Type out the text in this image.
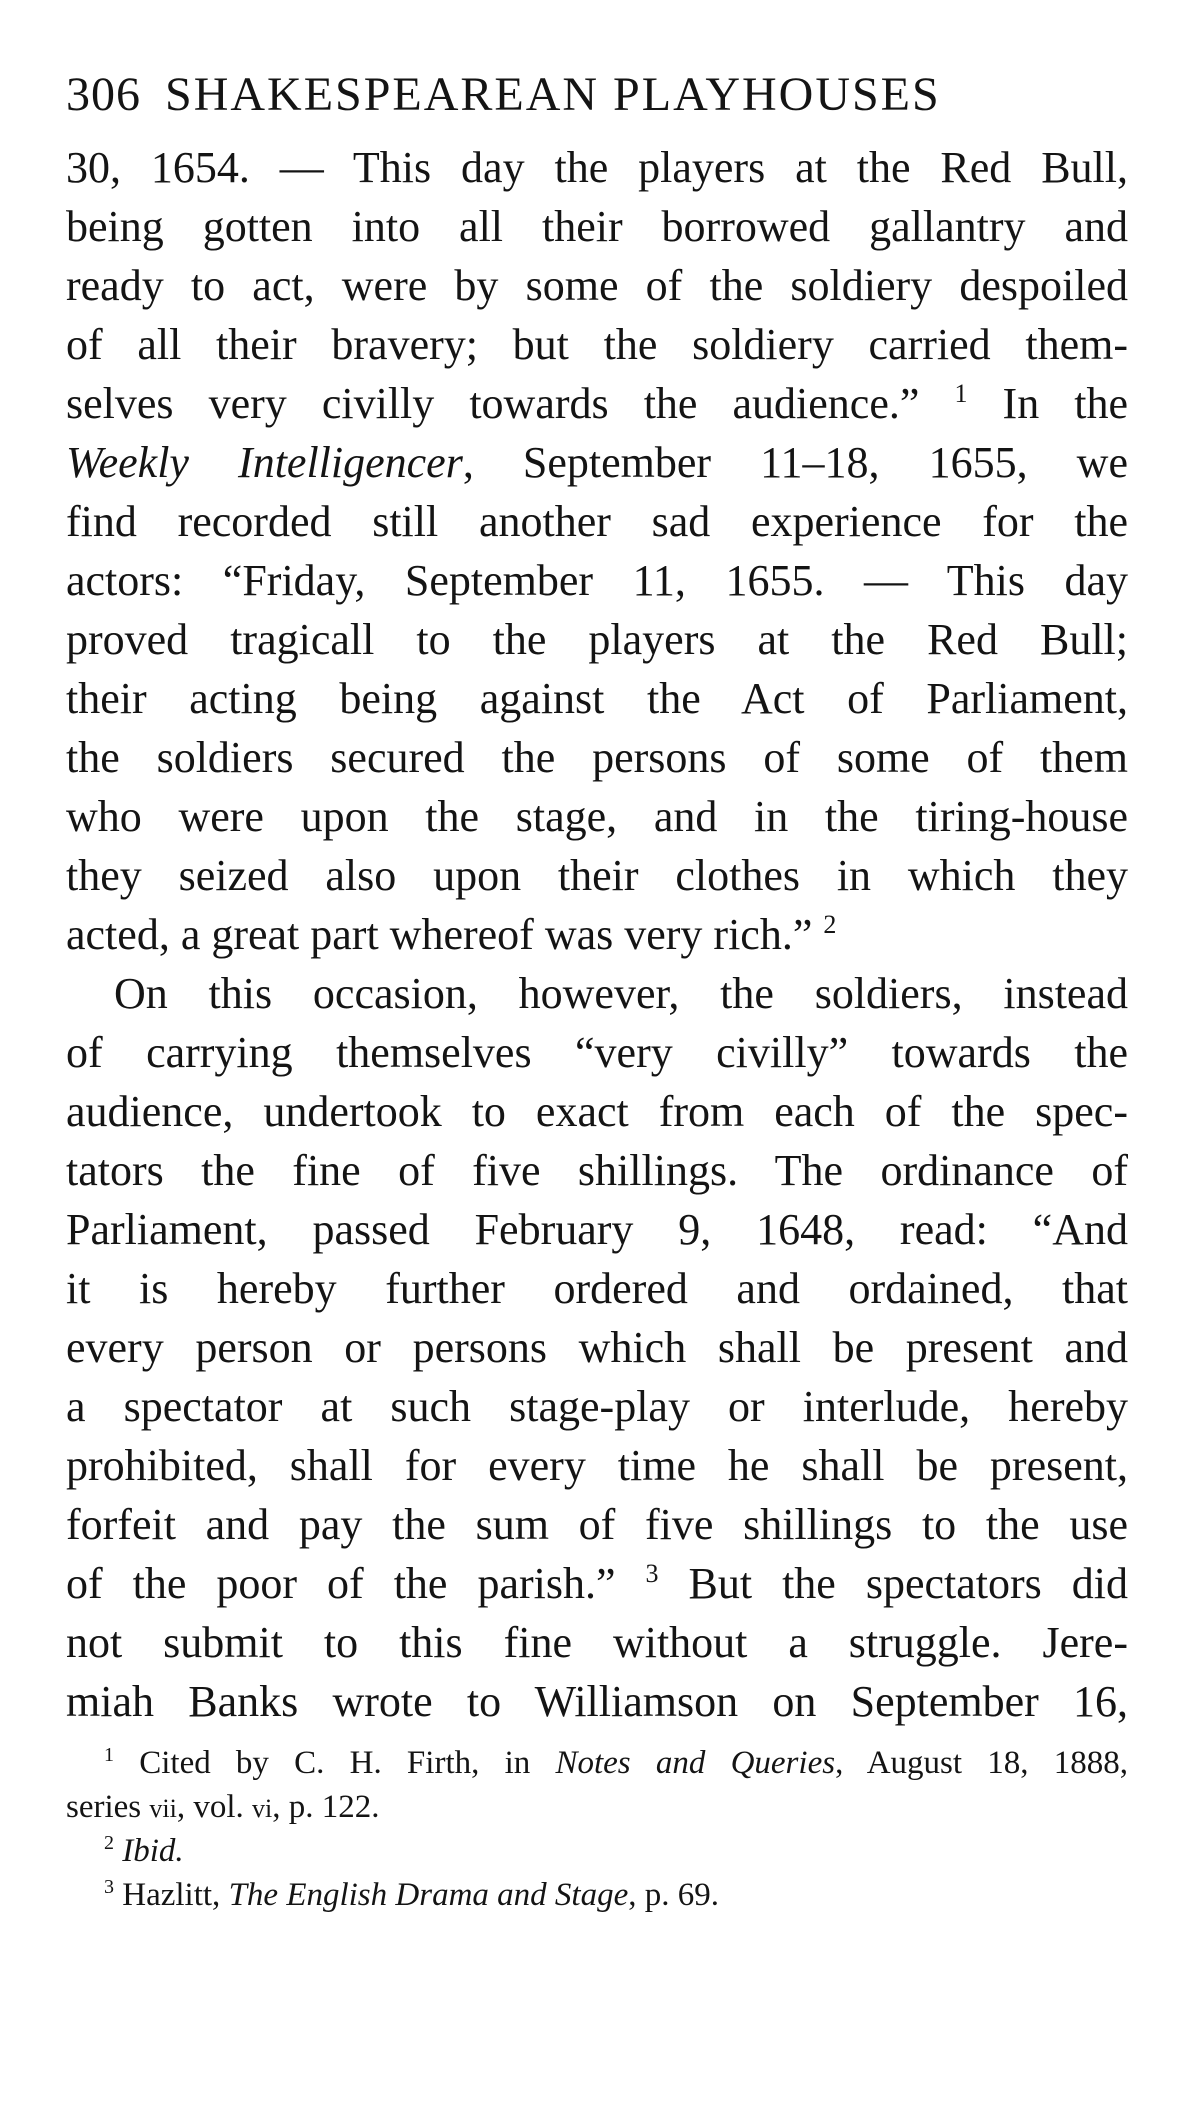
306 SHAKESPEAREAN PLAYHOUSES
30, 1654. — This day the players at the Red Bull,
being gotten into all their borrowed gallantry and
ready to act, were by some of the soldiery despoiled
of all their bravery; but the soldiery carried them-
selves very civilly towards the audience.” $^1$ In the
Weekly Intelligencer, September 11–18, 1655, we
find recorded still another sad experience for the
actors: “Friday, September 11, 1655. — This day
proved tragicall to the players at the Red Bull;
their acting being against the Act of Parliament,
the soldiers secured the persons of some of them
who were upon the stage, and in the tiring-house
they seized also upon their clothes in which they
acted, a great part whereof was very rich.” $^2$
On this occasion, however, the soldiers, instead
of carrying themselves “very civilly” towards the
audience, undertook to exact from each of the spec-
tators the fine of five shillings. The ordinance of
Parliament, passed February 9, 1648, read: “And
it is hereby further ordered and ordained, that
every person or persons which shall be present and
a spectator at such stage-play or interlude, hereby
prohibited, shall for every time he shall be present,
forfeit and pay the sum of five shillings to the use
of the poor of the parish.” $^3$ But the spectators did
not submit to this fine without a struggle. Jere-
miah Banks wrote to Williamson on September 16,
$^1$ Cited by C. H. Firth, in Notes and Queries, August 18, 1888,
series vii, vol. vi, p. 122.
$^2$ Ibid.
$^3$ Hazlitt, The English Drama and Stage, p. 69.
